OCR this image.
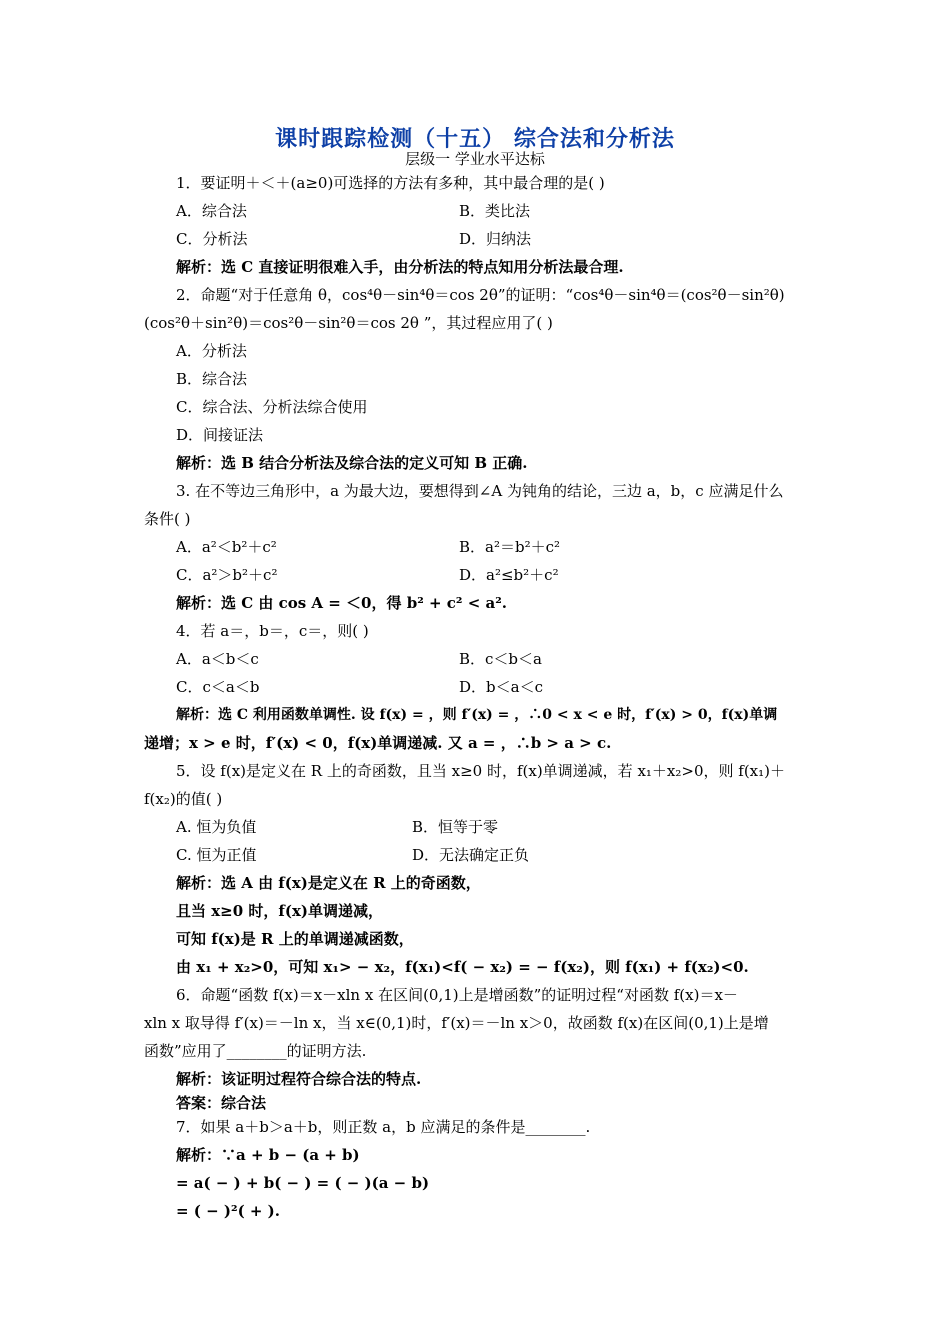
课时跟踪检测（十五） 综合法和分析法
层级一 学业水平达标
1．要证明＋＜＋(a≥0)可选择的方法有多种，其中最合理的是( )
A．综合法	B．类比法
C．分析法	D．归纳法
解析：选 C 直接证明很难入手，由分析法的特点知用分析法最合理.
2．命题“对于任意角 θ，cos⁴θ－sin⁴θ＝cos 2θ”的证明：“cos⁴θ－sin⁴θ＝(cos²θ－sin²θ)
(cos²θ＋sin²θ)＝cos²θ－sin²θ＝cos 2θ ”，其过程应用了( )
A．分析法
B．综合法
C．综合法、分析法综合使用
D．间接证法
解析：选 B 结合分析法及综合法的定义可知 B 正确.
3. 在不等边三角形中，a 为最大边，要想得到∠A 为钝角的结论，三边 a，b，c 应满足什么
条件( )
A．a²＜b²＋c²	B．a²＝b²＋c²
C．a²＞b²＋c²	D．a²≤b²＋c²
解析：选 C 由 cos A = ＜0，得 b² + c² < a².
4．若 a＝，b＝，c＝，则( )
A．a＜b＜c	B．c＜b＜a
C．c＜a＜b	D．b＜a＜c
解析：选 C 利用函数单调性. 设 f(x) = ，则 f′(x) = ，∴0 < x < e 时，f′(x) > 0，f(x)单调
递增；x > e 时，f′(x) < 0，f(x)单调递减. 又 a = ，∴b > a > c.
5．设 f(x)是定义在 R 上的奇函数，且当 x≥0 时，f(x)单调递减，若 x₁＋x₂>0，则 f(x₁)＋
f(x₂)的值( )
A. 恒为负值	B．恒等于零
C. 恒为正值	D．无法确定正负
解析：选 A 由 f(x)是定义在 R 上的奇函数，
且当 x≥0 时，f(x)单调递减，
可知 f(x)是 R 上的单调递减函数，
由 x₁ + x₂>0，可知 x₁> − x₂，f(x₁)<f( − x₂) = − f(x₂)，则 f(x₁) + f(x₂)<0.
6．命题“函数 f(x)＝x－xln x 在区间(0,1)上是增函数”的证明过程“对函数 f(x)＝x－
xln x 取导得 f′(x)＝－ln x，当 x∈(0,1)时，f′(x)＝－ln x＞0，故函数 f(x)在区间(0,1)上是增
函数”应用了________的证明方法.
解析：该证明过程符合综合法的特点.
答案：综合法
7．如果 a＋b＞a＋b，则正数 a，b 应满足的条件是________.
解析：∵a + b − (a + b)
= a( − ) + b( − ) = ( − )(a − b)
= ( − )²( + ).
